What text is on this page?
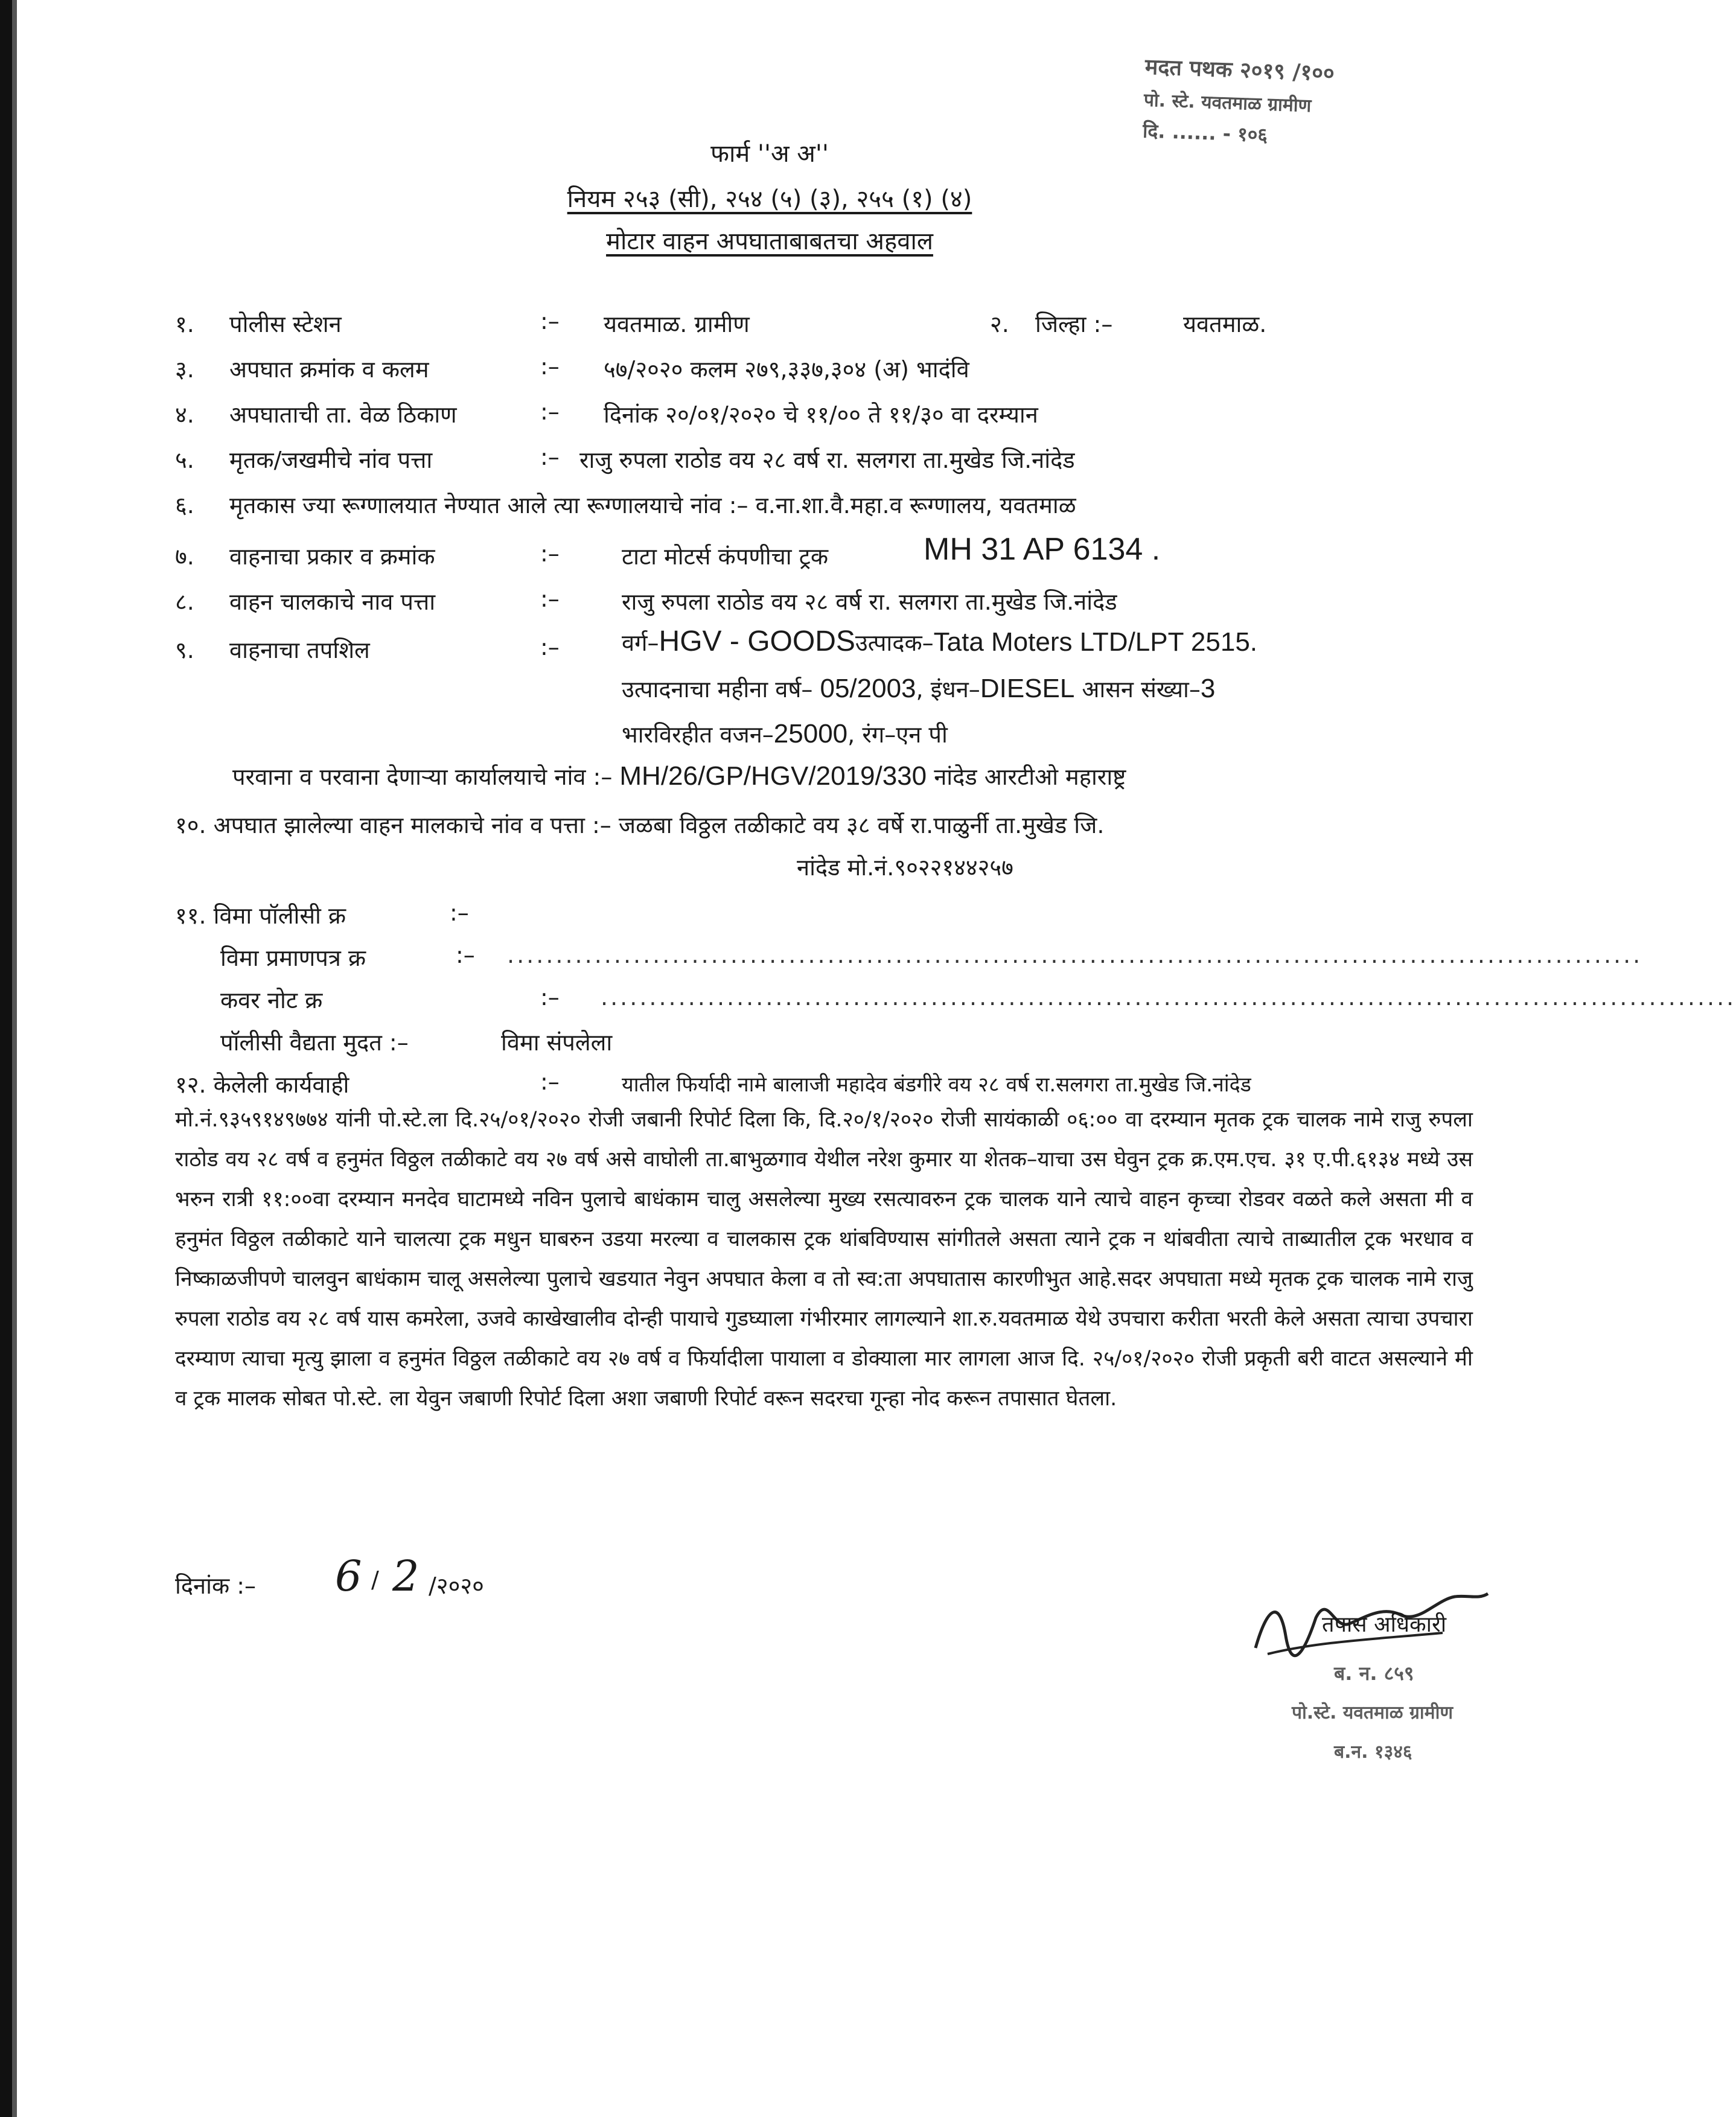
मदत पथक २०१९ /१००
पो. स्टे. यवतमाळ ग्रामीण
दि. ...... - १०६
फार्म ''अ अ''
नियम २५३ (सी), २५४ (५) (३), २५५ (१) (४)
मोटार वाहन अपघाताबाबतचा अहवाल
१. पोलीस स्टेशन	:– यवतमाळ. ग्रामीण	२. जिल्हा :–	यवतमाळ.
३. अपघात क्रमांक व कलम	:– ५७/२०२० कलम २७९,३३७,३०४ (अ) भादंवि
४. अपघाताची ता. वेळ ठिकाण	:– दिनांक २०/०१/२०२० चे ११/०० ते ११/३० वा दरम्यान
५. मृतक/जखमीचे नांव पत्ता	:– राजु रुपला राठोड वय २८ वर्ष रा. सलगरा ता.मुखेड जि.नांदेड
६. मृतकास ज्या रूग्णालयात नेण्यात आले त्या रूग्णालयाचे नांव :– व.ना.शा.वै.महा.व रूग्णालय, यवतमाळ
७. वाहनाचा प्रकार व क्रमांक	:–	टाटा मोटर्स कंपणीचा ट्रक	MH 31 AP 6134 .
८. वाहन चालकाचे नाव पत्ता	:–	राजु रुपला राठोड वय २८ वर्ष रा. सलगरा ता.मुखेड जि.नांदेड
९. वाहनाचा तपशिल	:–	वर्ग–HGV - GOODSउत्पादक–Tata Moters LTD/LPT 2515.
उत्पादनाचा महीना वर्ष– 05/2003, इंधन–DIESEL आसन संख्या–3
भारविरहीत वजन–25000, रंग–एन पी
परवाना व परवाना देणाऱ्या कार्यालयाचे नांव :– MH/26/GP/HGV/2019/330 नांदेड आरटीओ महाराष्ट्र
१०. अपघात झालेल्या वाहन मालकाचे नांव व पत्ता :– जळबा विठ्ठल तळीकाटे वय ३८ वर्षे रा.पाळुर्नी ता.मुखेड जि.
नांदेड मो.नं.९०२२१४४२५७
११. विमा पॉलीसी क्र	:–
विमा प्रमाणपत्र क्र	:– .....................................................................................................................
कवर नोट क्र	:– .....................................................................................................................
पॉलीसी वैद्यता मुदत :–	विमा संपलेला
१२. केलेली कार्यवाही	:–	यातील फिर्यादी नामे बालाजी महादेव बंडगीरे वय २८ वर्ष रा.सलगरा ता.मुखेड जि.नांदेड
मो.नं.९३५९१४९७७४ यांनी पो.स्टे.ला दि.२५/०१/२०२० रोजी जबानी रिपोर्ट दिला कि, दि.२०/१/२०२० रोजी सायंकाळी ०६:०० वा दरम्यान मृतक ट्रक चालक नामे राजु रुपला राठोड वय २८ वर्ष व हनुमंत विठ्ठल तळीकाटे वय २७ वर्ष असे वाघोली ता.बाभुळगाव येथील नरेश कुमार या शेतक–याचा उस घेवुन ट्रक क्र.एम.एच. ३१ ए.पी.६१३४ मध्ये उस भरुन रात्री ११:००वा दरम्यान मनदेव घाटामध्ये नविन पुलाचे बाधंकाम चालु असलेल्या मुख्य रसत्यावरुन ट्रक चालक याने त्याचे वाहन कृच्चा रोडवर वळते कले असता मी व हनुमंत विठ्ठल तळीकाटे याने चालत्या ट्रक मधुन घाबरुन उडया मरल्या व चालकास ट्रक थांबविण्यास सांगीतले असता त्याने ट्रक न थांबवीता त्याचे ताब्यातील ट्रक भरधाव व निष्काळजीपणे चालवुन बाधंकाम चालू असलेल्या पुलाचे खडयात नेवुन अपघात केला व तो स्व:ता अपघातास कारणीभुत आहे.सदर अपघाता मध्ये मृतक ट्रक चालक नामे राजु रुपला राठोड वय २८ वर्ष यास कमरेला, उजवे काखेखालीव दोन्ही पायाचे गुडघ्याला गंभीरमार लागल्याने शा.रु.यवतमाळ येथे उपचारा करीता भरती केले असता त्याचा उपचारा दरम्याण त्याचा मृत्यु झाला व हनुमंत विठ्ठल तळीकाटे वय २७ वर्ष व फिर्यादीला पायाला व डोक्याला मार लागला आज दि. २५/०१/२०२० रोजी प्रकृती बरी वाटत असल्याने मी व ट्रक मालक सोबत पो.स्टे. ला येवुन जबाणी रिपोर्ट दिला अशा जबाणी रिपोर्ट वरून सदरचा गून्हा नोद करून तपासात घेतला.
दिनांक :– 6 / 2 /२०२०
तपास अधिकारी
ब. न. ८५९
पो.स्टे. यवतमाळ ग्रामीण
ब.न. १३४६
